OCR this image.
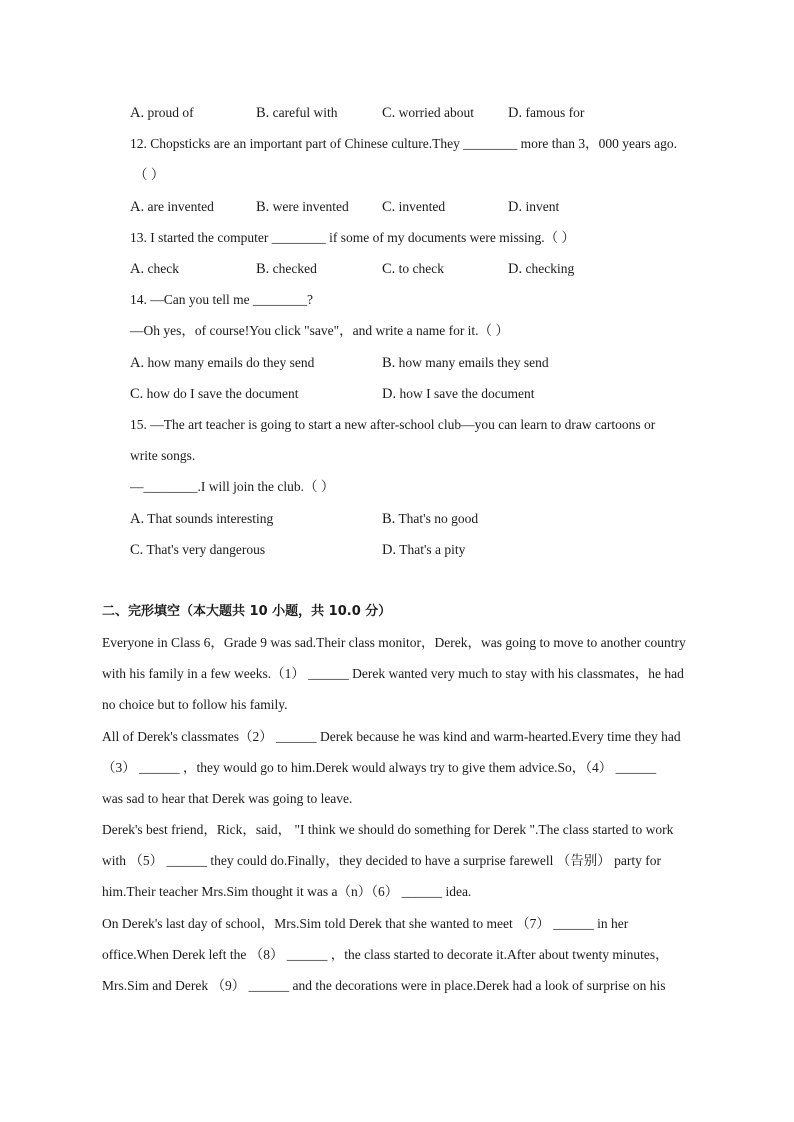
A. proud of	B. careful with	C. worried about D. famous for
12. Chopsticks are an important part of Chinese culture.They ________ more than 3，000 years ago.
（ ）
A. are invented	B. were invented C. invented	D. invent
13. I started the computer ________ if some of my documents were missing.（ ）
A. check	B. checked	C. to check	D. checking
14. —Can you tell me ________?
—Oh yes，of course!You click "save"，and write a name for it.（ ）
A. how many emails do they send	B. how many emails they send
C. how do I save the document	D. how I save the document
15. —The art teacher is going to start a new after-school club—you can learn to draw cartoons or
write songs.
—________.I will join the club.（ ）
A. That sounds interesting	B. That's no good
C. That's very dangerous	D. That's a pity
二、完形填空（本大题共 10 小题，共 10.0 分）
Everyone in Class 6，Grade 9 was sad.Their class monitor，Derek，was going to move to another country
with his family in a few weeks.（1） ______ Derek wanted very much to stay with his classmates，he had
no choice but to follow his family.
All of Derek's classmates（2） ______ Derek because he was kind and warm-hearted.Every time they had
（3） ______ ，they would go to him.Derek would always try to give them advice.So，（4） ______
was sad to hear that Derek was going to leave.
Derek's best friend，Rick，said， "I think we should do something for Derek ".The class started to work
with （5） ______ they could do.Finally，they decided to have a surprise farewell （告别） party for
him.Their teacher Mrs.Sim thought it was a（n）（6） ______ idea.
On Derek's last day of school，Mrs.Sim told Derek that she wanted to meet （7） ______ in her
office.When Derek left the （8） ______ ，the class started to decorate it.After about twenty minutes，
Mrs.Sim and Derek （9） ______ and the decorations were in place.Derek had a look of surprise on his
